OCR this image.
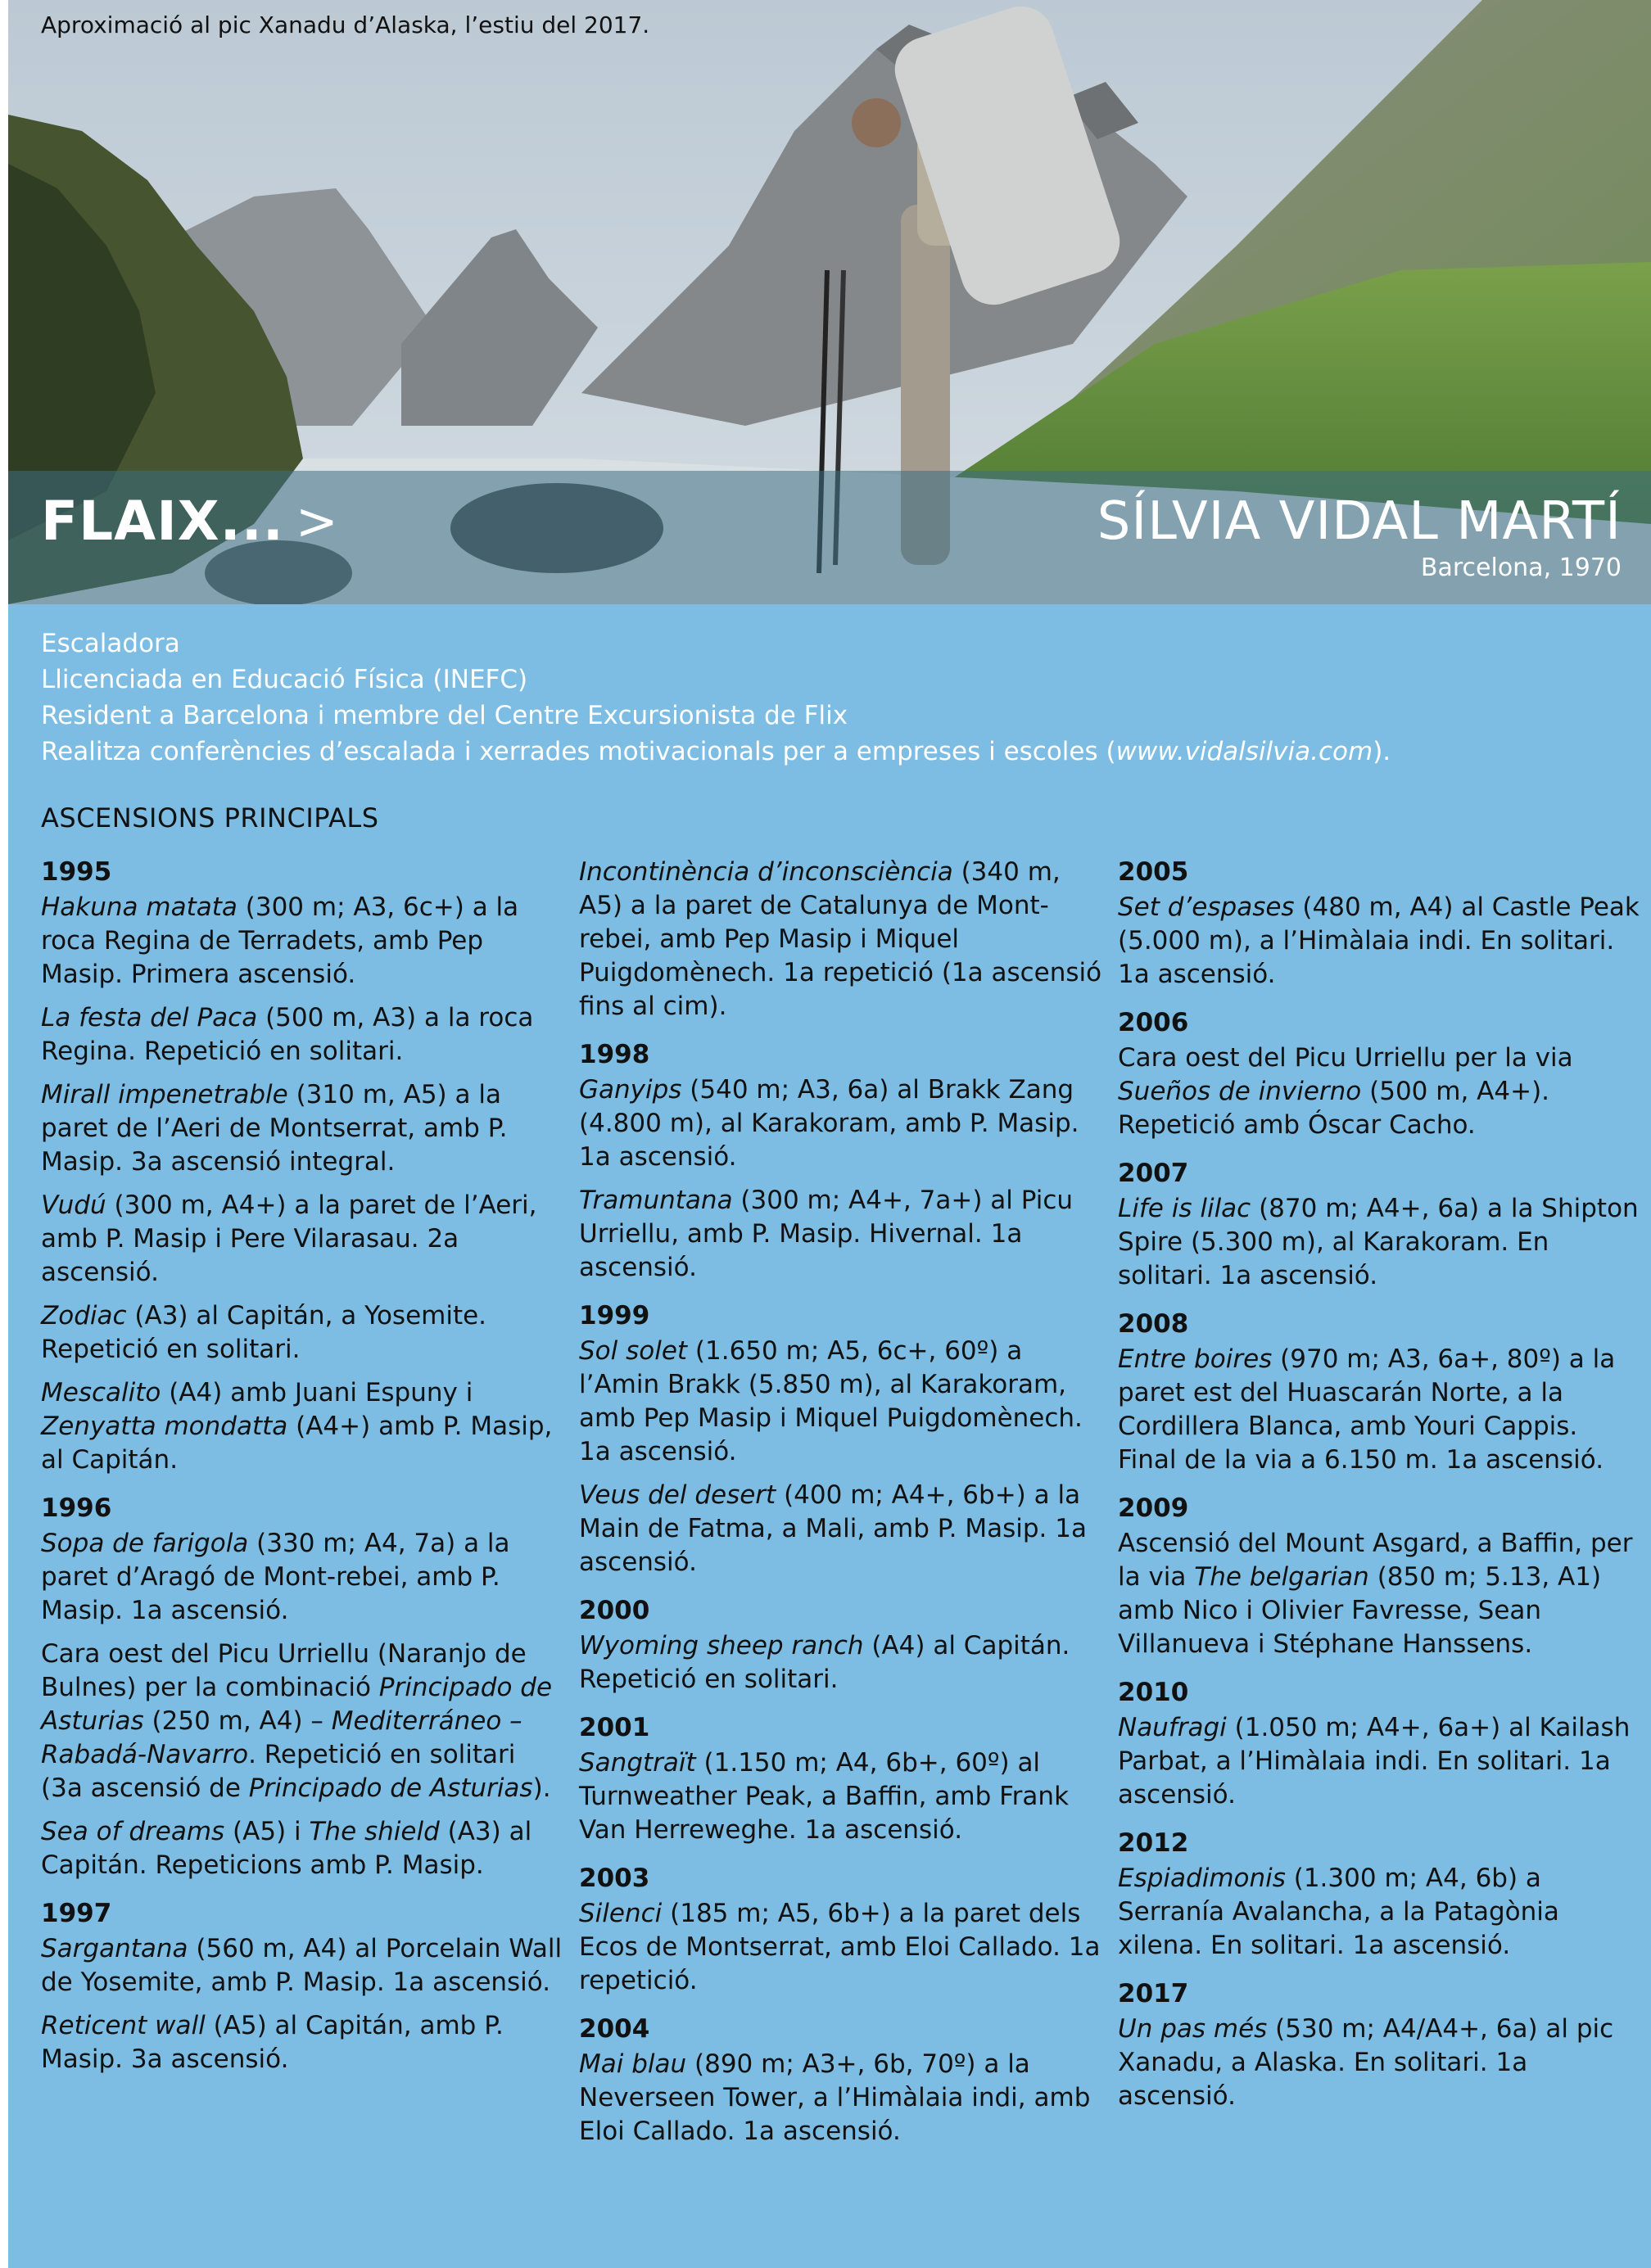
Aproximació al pic Xanadu d’Alaska, l’estiu del 2017.
FLAIX... >	SÍLVIA VIDAL MARTÍ
Barcelona, 1970
Escaladora
Llicenciada en Educació Física (INEFC)
Resident a Barcelona i membre del Centre Excursionista de Flix
Realitza conferències d’escalada i xerrades motivacionals per a empreses i escoles (www.vidalsilvia.com).
ASCENSIONS PRINCIPALS
1995
Hakuna matata (300 m; A3, 6c+) a la roca Regina de Terradets, amb Pep Masip. Primera ascensió.
La festa del Paca (500 m, A3) a la roca Regina. Repetició en solitari.
Mirall impenetrable (310 m, A5) a la paret de l’Aeri de Montserrat, amb P. Masip. 3a ascensió integral.
Vudú (300 m, A4+) a la paret de l’Aeri, amb P. Masip i Pere Vilarasau. 2a ascensió.
Zodiac (A3) al Capitán, a Yosemite. Repetició en solitari.
Mescalito (A4) amb Juani Espuny i Zenyatta mondatta (A4+) amb P. Masip, al Capitán.
1996
Sopa de farigola (330 m; A4, 7a) a la paret d’Aragó de Mont-rebei, amb P. Masip. 1a ascensió.
Cara oest del Picu Urriellu (Naranjo de Bulnes) per la combinació Principado de Asturias (250 m, A4) – Mediterráneo – Rabadá-Navarro. Repetició en solitari (3a ascensió de Principado de Asturias).
Sea of dreams (A5) i The shield (A3) al Capitán. Repeticions amb P. Masip.
1997
Sargantana (560 m, A4) al Porcelain Wall de Yosemite, amb P. Masip. 1a ascensió.
Reticent wall (A5) al Capitán, amb P. Masip. 3a ascensió.
Incontinència d’inconsciència (340 m, A5) a la paret de Catalunya de Mont-rebei, amb Pep Masip i Miquel Puigdomènech. 1a repetició (1a ascensió fins al cim).
1998
Ganyips (540 m; A3, 6a) al Brakk Zang (4.800 m), al Karakoram, amb P. Masip. 1a ascensió.
Tramuntana (300 m; A4+, 7a+) al Picu Urriellu, amb P. Masip. Hivernal. 1a ascensió.
1999
Sol solet (1.650 m; A5, 6c+, 60º) a l’Amin Brakk (5.850 m), al Karakoram, amb Pep Masip i Miquel Puigdomènech. 1a ascensió.
Veus del desert (400 m; A4+, 6b+) a la Main de Fatma, a Mali, amb P. Masip. 1a ascensió.
2000
Wyoming sheep ranch (A4) al Capitán. Repetició en solitari.
2001
Sangtraït (1.150 m; A4, 6b+, 60º) al Turnweather Peak, a Baffin, amb Frank Van Herreweghe. 1a ascensió.
2003
Silenci (185 m; A5, 6b+) a la paret dels Ecos de Montserrat, amb Eloi Callado. 1a repetició.
2004
Mai blau (890 m; A3+, 6b, 70º) a la Neverseen Tower, a l’Himàlaia indi, amb Eloi Callado. 1a ascensió.
2005
Set d’espases (480 m, A4) al Castle Peak (5.000 m), a l’Himàlaia indi. En solitari. 1a ascensió.
2006
Cara oest del Picu Urriellu per la via Sueños de invierno (500 m, A4+). Repetició amb Óscar Cacho.
2007
Life is lilac (870 m; A4+, 6a) a la Shipton Spire (5.300 m), al Karakoram. En solitari. 1a ascensió.
2008
Entre boires (970 m; A3, 6a+, 80º) a la paret est del Huascarán Norte, a la Cordillera Blanca, amb Youri Cappis. Final de la via a 6.150 m. 1a ascensió.
2009
Ascensió del Mount Asgard, a Baffin, per la via The belgarian (850 m; 5.13, A1) amb Nico i Olivier Favresse, Sean Villanueva i Stéphane Hanssens.
2010
Naufragi (1.050 m; A4+, 6a+) al Kailash Parbat, a l’Himàlaia indi. En solitari. 1a ascensió.
2012
Espiadimonis (1.300 m; A4, 6b) a Serranía Avalancha, a la Patagònia xilena. En solitari. 1a ascensió.
2017
Un pas més (530 m; A4/A4+, 6a) al pic Xanadu, a Alaska. En solitari. 1a ascensió.
